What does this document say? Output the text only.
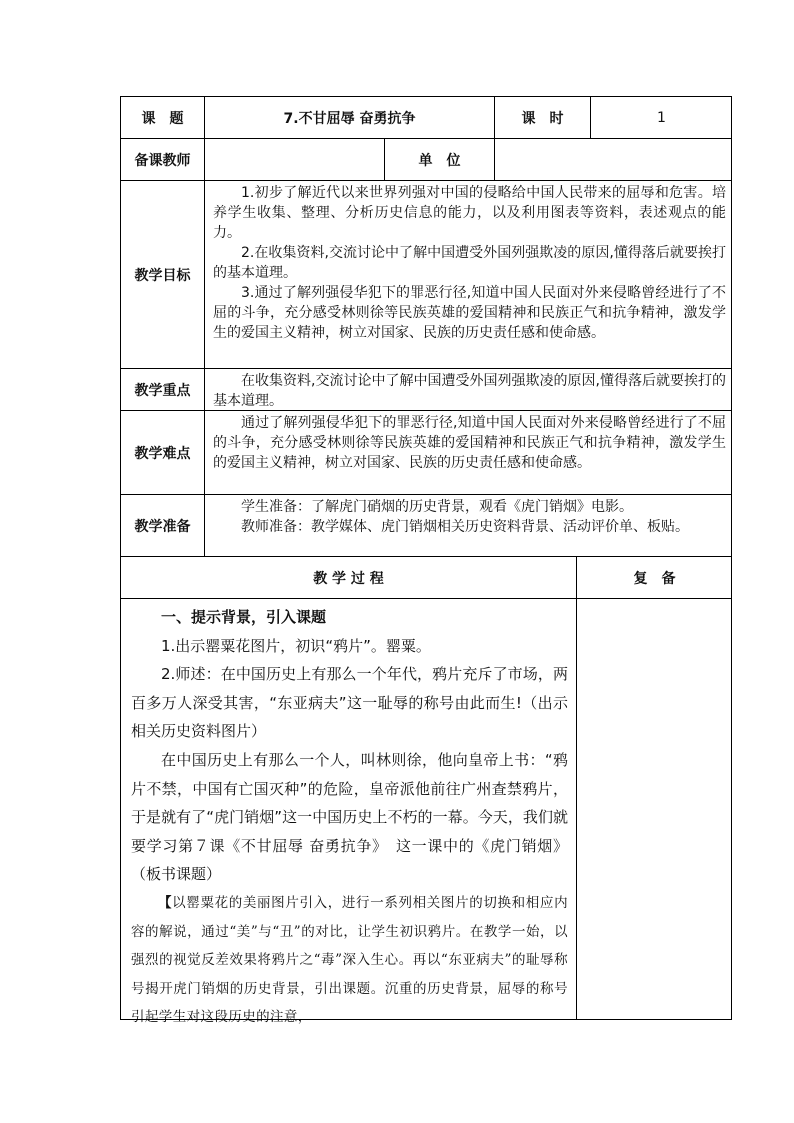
课　题	7.不甘屈辱 奋勇抗争	课　时	1
备课教师	单　位
教学目标

1.初步了解近代以来世界列强对中国的侵略给中国人民带来的屈辱和危害。培养学生收集、整理、分析历史信息的能力，以及利用图表等资料，表述观点的能力。

2.在收集资料,交流讨论中了解中国遭受外国列强欺凌的原因,懂得落后就要挨打的基本道理。

3.通过了解列强侵华犯下的罪恶行径,知道中国人民面对外来侵略曾经进行了不屈的斗争，充分感受林则徐等民族英雄的爱国精神和民族正气和抗争精神，激发学生的爱国主义精神，树立对国家、民族的历史责任感和使命感。

教学重点

在收集资料,交流讨论中了解中国遭受外国列强欺凌的原因,懂得落后就要挨打的基本道理。

教学难点

通过了解列强侵华犯下的罪恶行径,知道中国人民面对外来侵略曾经进行了不屈的斗争，充分感受林则徐等民族英雄的爱国精神和民族正气和抗争精神，激发学生的爱国主义精神，树立对国家、民族的历史责任感和使命感。

教学准备

学生准备：了解虎门硝烟的历史背景，观看《虎门销烟》电影。

教师准备：教学媒体、虎门销烟相关历史资料背景、活动评价单、板贴。

教 学 过 程	复　备

一、提示背景，引入课题

1.出示罂粟花图片，初识“鸦片”。罂粟。

2.师述：在中国历史上有那么一个年代，鸦片充斥了市场，两百多万人深受其害，“东亚病夫”这一耻辱的称号由此而生!（出示相关历史资料图片）

在中国历史上有那么一个人，叫林则徐，他向皇帝上书：“鸦片不禁，中国有亡国灭种”的危险，皇帝派他前往广州查禁鸦片，于是就有了“虎门销烟”这一中国历史上不朽的一幕。今天，我们就要学习第７课《不甘屈辱 奋勇抗争》　这一课中的《虎门销烟》（板书课题）

【以罂粟花的美丽图片引入，进行一系列相关图片的切换和相应内容的解说，通过“美”与“丑”的对比，让学生初识鸦片。在教学一始，以强烈的视觉反差效果将鸦片之“毒”深入生心。再以“东亚病夫”的耻辱称号揭开虎门销烟的历史背景，引出课题。沉重的历史背景，屈辱的称号引起学生对这段历史的注意，
